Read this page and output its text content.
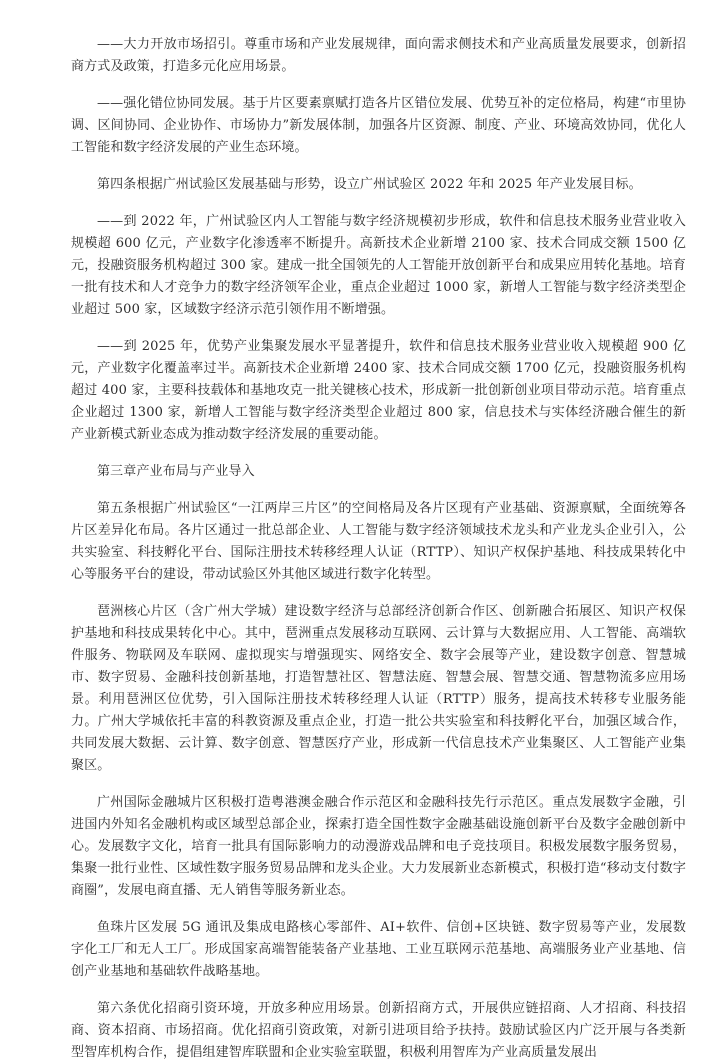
——大力开放市场招引。尊重市场和产业发展规律，面向需求侧技术和产业高质量发展要求，创新招商方式及政策，打造多元化应用场景。

——强化错位协同发展。基于片区要素禀赋打造各片区错位发展、优势互补的定位格局，构建“市里协调、区间协同、企业协作、市场协力”新发展体制，加强各片区资源、制度、产业、环境高效协同，优化人工智能和数字经济发展的产业生态环境。

第四条根据广州试验区发展基础与形势，设立广州试验区 2022 年和 2025 年产业发展目标。

——到 2022 年，广州试验区内人工智能与数字经济规模初步形成，软件和信息技术服务业营业收入规模超 600 亿元，产业数字化渗透率不断提升。高新技术企业新增 2100 家、技术合同成交额 1500 亿元，投融资服务机构超过 300 家。建成一批全国领先的人工智能开放创新平台和成果应用转化基地。培育一批有技术和人才竞争力的数字经济领军企业，重点企业超过 1000 家，新增人工智能与数字经济类型企业超过 500 家，区域数字经济示范引领作用不断增强。

——到 2025 年，优势产业集聚发展水平显著提升，软件和信息技术服务业营业收入规模超 900 亿元，产业数字化覆盖率过半。高新技术企业新增 2400 家、技术合同成交额 1700 亿元，投融资服务机构超过 400 家，主要科技载体和基地攻克一批关键核心技术，形成新一批创新创业项目带动示范。培育重点企业超过 1300 家，新增人工智能与数字经济类型企业超过 800 家，信息技术与实体经济融合催生的新产业新模式新业态成为推动数字经济发展的重要动能。

第三章产业布局与产业导入

第五条根据广州试验区“一江两岸三片区”的空间格局及各片区现有产业基础、资源禀赋，全面统筹各片区差异化布局。各片区通过一批总部企业、人工智能与数字经济领域技术龙头和产业龙头企业引入，公共实验室、科技孵化平台、国际注册技术转移经理人认证（RTTP）、知识产权保护基地、科技成果转化中心等服务平台的建设，带动试验区外其他区域进行数字化转型。

琶洲核心片区（含广州大学城）建设数字经济与总部经济创新合作区、创新融合拓展区、知识产权保护基地和科技成果转化中心。其中，琶洲重点发展移动互联网、云计算与大数据应用、人工智能、高端软件服务、物联网及车联网、虚拟现实与增强现实、网络安全、数字会展等产业，建设数字创意、智慧城市、数字贸易、金融科技创新基地，打造智慧社区、智慧法庭、智慧会展、智慧交通、智慧物流多应用场景。利用琶洲区位优势，引入国际注册技术转移经理人认证（RTTP）服务，提高技术转移专业服务能力。广州大学城依托丰富的科教资源及重点企业，打造一批公共实验室和科技孵化平台，加强区域合作，共同发展大数据、云计算、数字创意、智慧医疗产业，形成新一代信息技术产业集聚区、人工智能产业集聚区。

广州国际金融城片区积极打造粤港澳金融合作示范区和金融科技先行示范区。重点发展数字金融，引进国内外知名金融机构或区域型总部企业，探索打造全国性数字金融基础设施创新平台及数字金融创新中心。发展数字文化，培育一批具有国际影响力的动漫游戏品牌和电子竞技项目。积极发展数字服务贸易，集聚一批行业性、区域性数字服务贸易品牌和龙头企业。大力发展新业态新模式，积极打造“移动支付数字商圈”，发展电商直播、无人销售等服务新业态。

鱼珠片区发展 5G 通讯及集成电路核心零部件、AI+软件、信创+区块链、数字贸易等产业，发展数字化工厂和无人工厂。形成国家高端智能装备产业基地、工业互联网示范基地、高端服务业产业基地、信创产业基地和基础软件战略基地。

第六条优化招商引资环境，开放多种应用场景。创新招商方式，开展供应链招商、人才招商、科技招商、资本招商、市场招商。优化招商引资政策，对新引进项目给予扶持。鼓励试验区内广泛开展与各类新型智库机构合作，提倡组建智库联盟和企业实验室联盟，积极利用智库为产业高质量发展出
